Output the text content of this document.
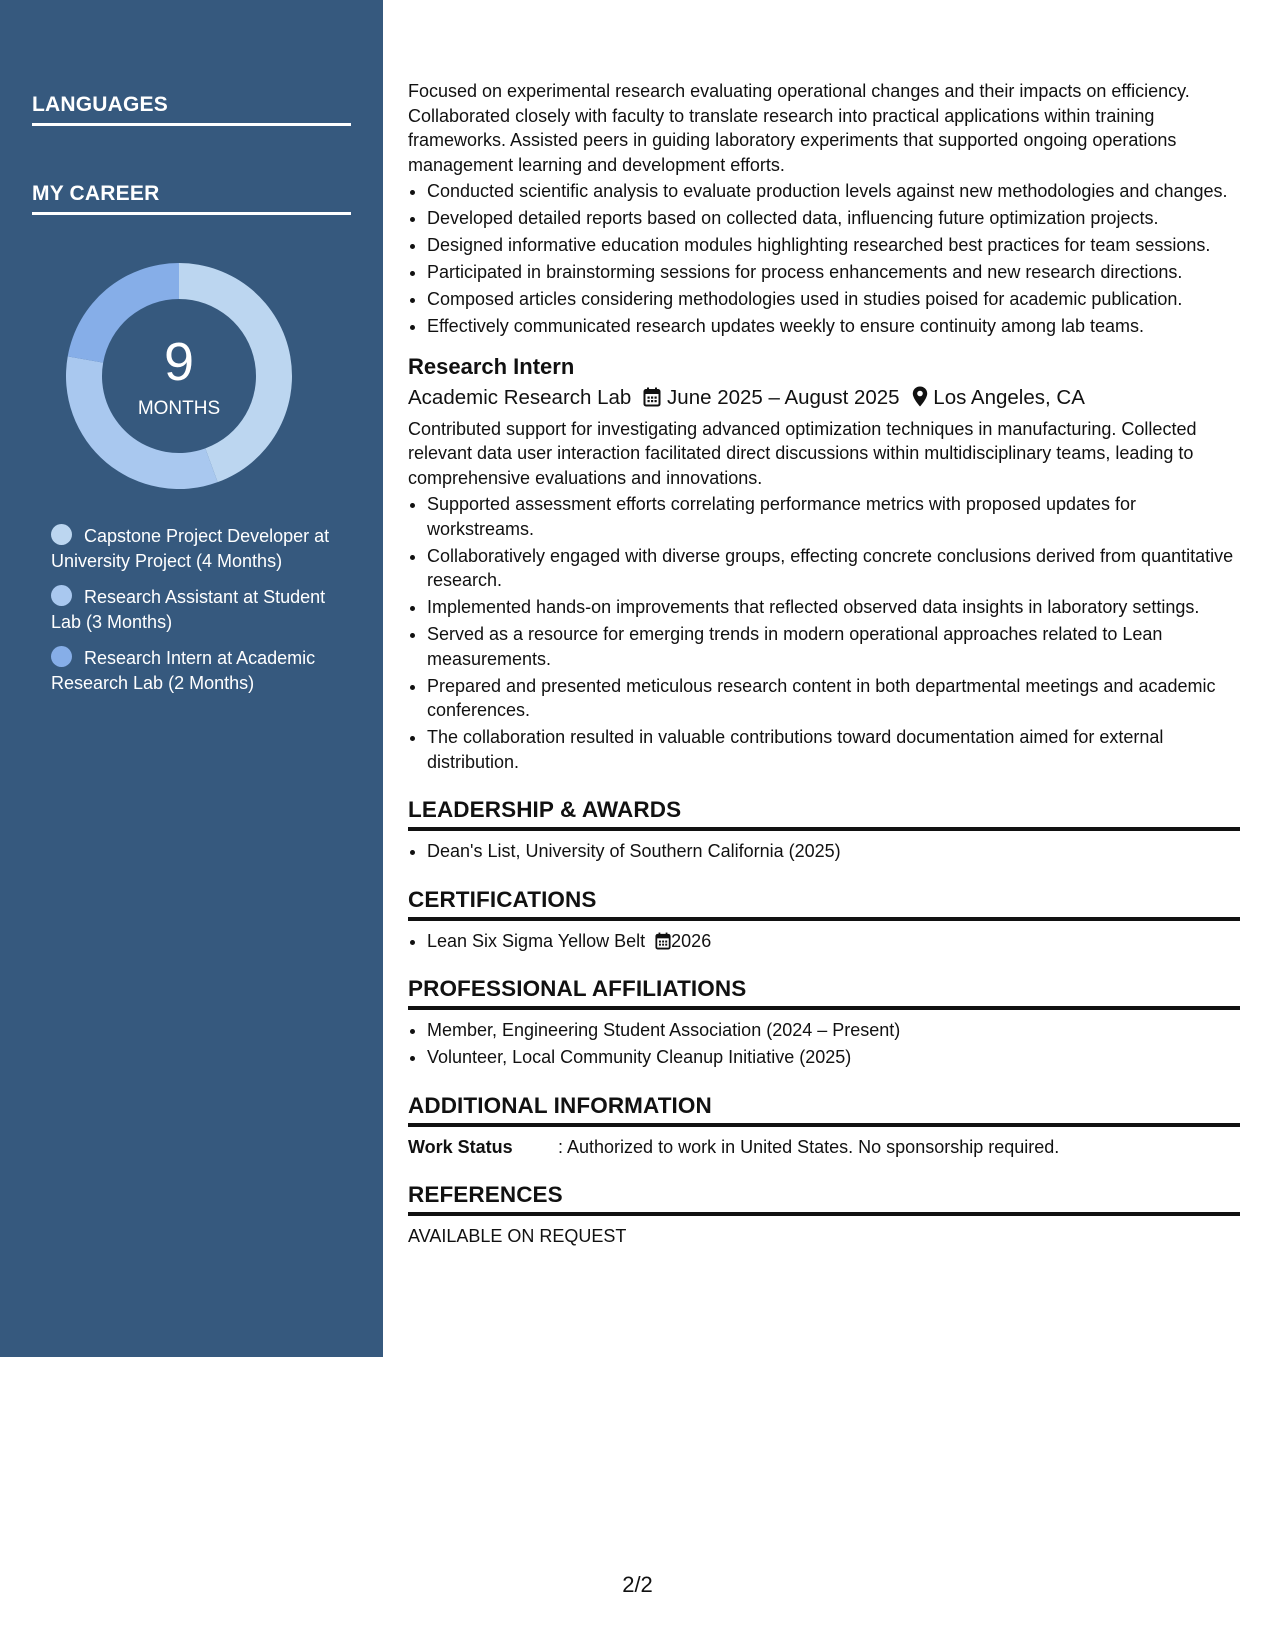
LANGUAGES
MY CAREER
9
MONTHS
Capstone Project Developer at University Project (4 Months)
Research Assistant at Student Lab (3 Months)
Research Intern at Academic Research Lab (2 Months)

Focused on experimental research evaluating operational changes and their impacts on efficiency. Collaborated closely with faculty to translate research into practical applications within training frameworks. Assisted peers in guiding laboratory experiments that supported ongoing operations management learning and development efforts.

• Conducted scientific analysis to evaluate production levels against new methodologies and changes.
• Developed detailed reports based on collected data, influencing future optimization projects.
• Designed informative education modules highlighting researched best practices for team sessions.
• Participated in brainstorming sessions for process enhancements and new research directions.
• Composed articles considering methodologies used in studies poised for academic publication.
• Effectively communicated research updates weekly to ensure continuity among lab teams.
Research Intern
Academic Research Lab June 2025 – August 2025 Los Angeles, CA

Contributed support for investigating advanced optimization techniques in manufacturing. Collected relevant data user interaction facilitated direct discussions within multidisciplinary teams, leading to comprehensive evaluations and innovations.

• Supported assessment efforts correlating performance metrics with proposed updates for workstreams.
• Collaboratively engaged with diverse groups, effecting concrete conclusions derived from quantitative research.
• Implemented hands-on improvements that reflected observed data insights in laboratory settings.
• Served as a resource for emerging trends in modern operational approaches related to Lean measurements.
• Prepared and presented meticulous research content in both departmental meetings and academic conferences.
• The collaboration resulted in valuable contributions toward documentation aimed for external distribution.
LEADERSHIP & AWARDS
• Dean's List, University of Southern California (2025)
CERTIFICATIONS
• Lean Six Sigma Yellow Belt 2026
PROFESSIONAL AFFILIATIONS
• Member, Engineering Student Association (2024 – Present)
• Volunteer, Local Community Cleanup Initiative (2025)
ADDITIONAL INFORMATION
Work Status	: Authorized to work in United States. No sponsorship required.
REFERENCES

AVAILABLE ON REQUEST

2/2
